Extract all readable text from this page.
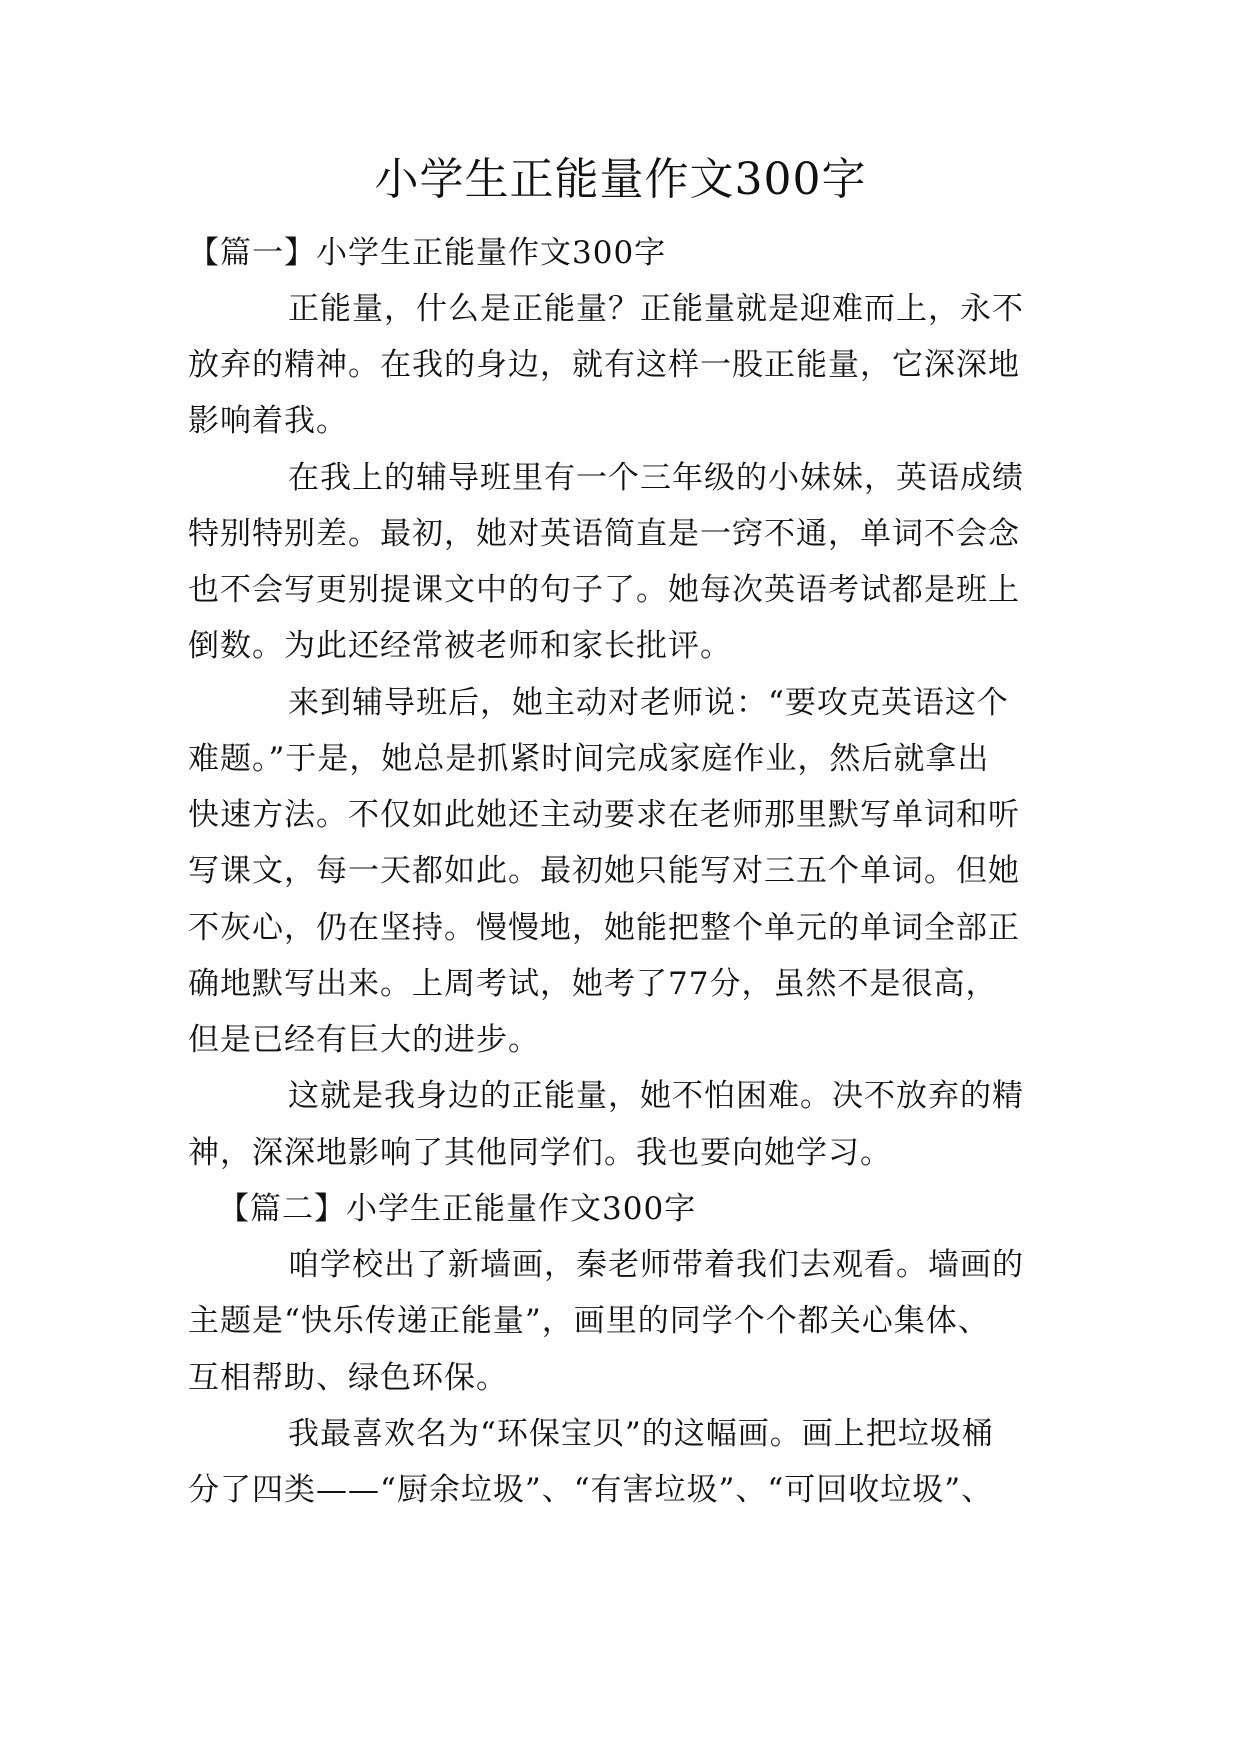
小学生正能量作文300字
【篇一】小学生正能量作文300字
正能量，什么是正能量？正能量就是迎难而上，永不
放弃的精神。在我的身边，就有这样一股正能量，它深深地
影响着我。
在我上的辅导班里有一个三年级的小妹妹，英语成绩
特别特别差。最初，她对英语简直是一窍不通，单词不会念
也不会写更别提课文中的句子了。她每次英语考试都是班上
倒数。为此还经常被老师和家长批评。
来到辅导班后，她主动对老师说：“要攻克英语这个
难题。”于是，她总是抓紧时间完成家庭作业，然后就拿出
快速方法。不仅如此她还主动要求在老师那里默写单词和听
写课文，每一天都如此。最初她只能写对三五个单词。但她
不灰心，仍在坚持。慢慢地，她能把整个单元的单词全部正
确地默写出来。上周考试，她考了77分，虽然不是很高，
但是已经有巨大的进步。
这就是我身边的正能量，她不怕困难。决不放弃的精
神，深深地影响了其他同学们。我也要向她学习。
【篇二】小学生正能量作文300字
咱学校出了新墙画，秦老师带着我们去观看。墙画的
主题是“快乐传递正能量”，画里的同学个个都关心集体、
互相帮助、绿色环保。
我最喜欢名为“环保宝贝”的这幅画。画上把垃圾桶
分了四类——“厨余垃圾”、“有害垃圾”、“可回收垃圾”、
